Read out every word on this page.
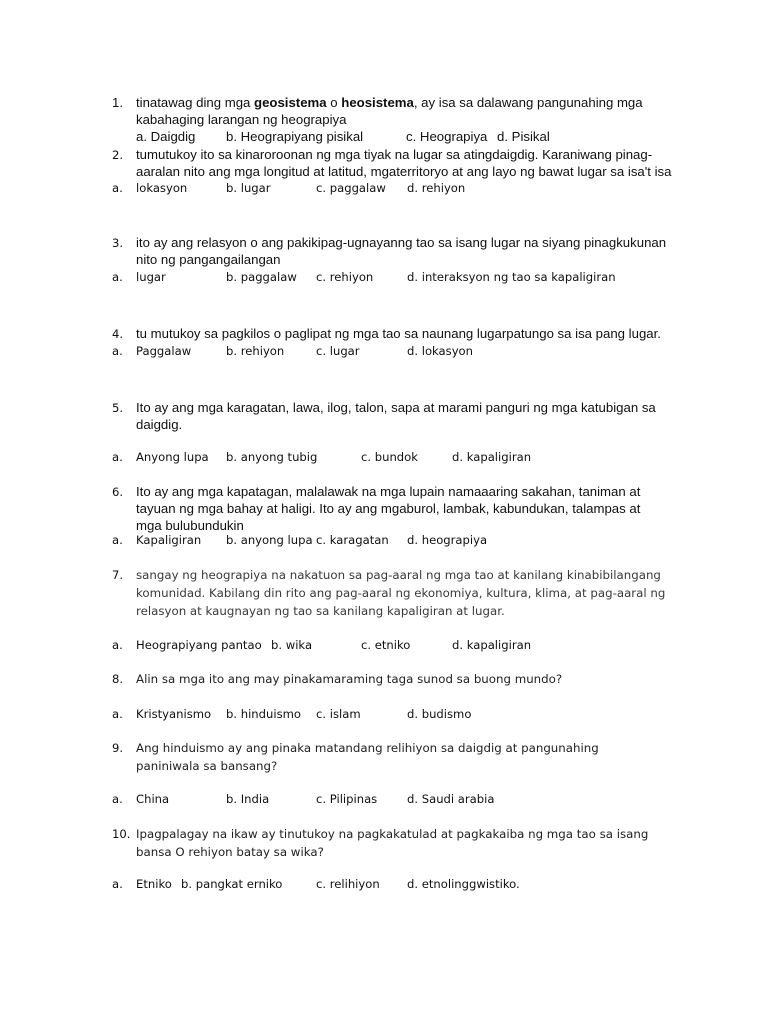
1. tinatawag ding mga geosistema o heosistema, ay isa sa dalawang pangunahing mga kabahaging larangan ng heograpiya
a. Daigdig b. Heograpiyang pisikal	c. Heograpiya d. Pisikal
2. tumutukoy ito sa kinaroroonan ng mga tiyak na lugar sa atingdaigdig. Karaniwang pinag-aaralan nito ang mga longitud at latitud, mgaterritoryo at ang layo ng bawat lugar sa isa't isa
a. lokasyon	b. lugar	c. paggalaw d. rehiyon
3. ito ay ang relasyon o ang pakikipag-ugnayanng tao sa isang lugar na siyang pinagkukunan nito ng pangangailangan
a. lugar	b. paggalaw c. rehiyon	d. interaksyon ng tao sa kapaligiran
4. tu mutukoy sa pagkilos o paglipat ng mga tao sa naunang lugarpatungo sa isa pang lugar.
a. Paggalaw	b. rehiyon	c. lugar	d. lokasyon
5. Ito ay ang mga karagatan, lawa, ilog, talon, sapa at marami panguri ng mga katubigan sa daigdig.
a. Anyong lupa b. anyong tubig	c. bundok	d. kapaligiran
6. Ito ay ang mga kapatagan, malalawak na mga lupain namaaaring sakahan, taniman at tayuan ng mga bahay at haligi. Ito ay ang mgaburol, lambak, kabundukan, talampas at mga bulubundukin
a. Kapaligiran b. anyong lupa c. karagatan d. heograpiya
7. sangay ng heograpiya na nakatuon sa pag-aaral ng mga tao at kanilang kinabibilangang komunidad. Kabilang din rito ang pag-aaral ng ekonomiya, kultura, klima, at pag-aaral ng relasyon at kaugnayan ng tao sa kanilang kapaligiran at lugar.
a. Heograpiyang pantao b. wika	c. etniko	d. kapaligiran
8. Alin sa mga ito ang may pinakamaraming taga sunod sa buong mundo?
a. Kristyanismo b. hinduismo c. islam	d. budismo
9. Ang hinduismo ay ang pinaka matandang relihiyon sa daigdig at pangunahing paniniwala sa bansang?
a. China	b. India	c. Pilipinas	d. Saudi arabia
10. Ipagpalagay na ikaw ay tinutukoy na pagkakatulad at pagkakaiba ng mga tao sa isang bansa O rehiyon batay sa wika?
a. Etniko b. pangkat erniko	c. relihiyon d. etnolinggwistiko.
